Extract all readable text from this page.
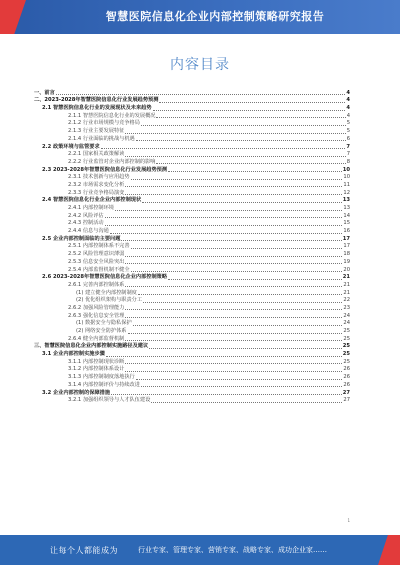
智慧医院信息化企业内部控制策略研究报告
内容目录
一、前言	4
二、2023-2028年智慧医院信息化行业发展趋势预测	4
2.1 智慧医院信息化行业的发展现状及未来趋势	4
2.1.1 智慧医院信息化行业的发展概况	4
2.1.2 行业市场规模与竞争格局	5
2.1.3 行业主要发展特征	5
2.1.4 行业面临的挑战与机遇	6
2.2 政策环境与监管要求	7
2.2.1 国家相关政策解读	7
2.2.2 行业监管对企业内部控制的影响	8
2.3 2023-2028年智慧医院信息化行业发展趋势预测	10
2.3.1 技术创新与应用趋势	10
2.3.2 市场需求变化分析	11
2.3.3 行业竞争格局演变	12
2.4 智慧医院信息化行业企业内部控制现状	13
2.4.1 内部控制环境	13
2.4.2 风险评估	14
2.4.3 控制活动	15
2.4.4 信息与沟通	16
2.5 企业内部控制面临的主要问题	17
2.5.1 内部控制体系不完善	17
2.5.2 风险管理意识薄弱	18
2.5.3 信息安全风险突出	19
2.5.4 内部监督机制不健全	20
2.6 2023-2028年智慧医院信息化企业内部控制策略	21
2.6.1 完善内部控制体系	21
(1) 建立健全内部控制制度	21
(2) 优化组织架构与职责分工	22
2.6.2 加强风险管理能力	23
2.6.3 强化信息安全管理	24
(1) 数据安全与隐私保护	24
(2) 网络安全防护体系	25
2.6.4 健全内部监督机制	25
三、智慧医院信息化企业内部控制实施路径及建议	25
3.1 企业内部控制实施步骤	25
3.1.1 内部控制现状诊断	25
3.1.2 内部控制体系设计	26
3.1.3 内部控制制度落地执行	26
3.1.4 内部控制评价与持续改进	26
3.2 企业内部控制的保障措施	27
3.2.1 加强组织领导与人才队伍建设	27
1
让每个人都能成为	行业专家、管理专家、营销专家、战略专家、成功企业家……
